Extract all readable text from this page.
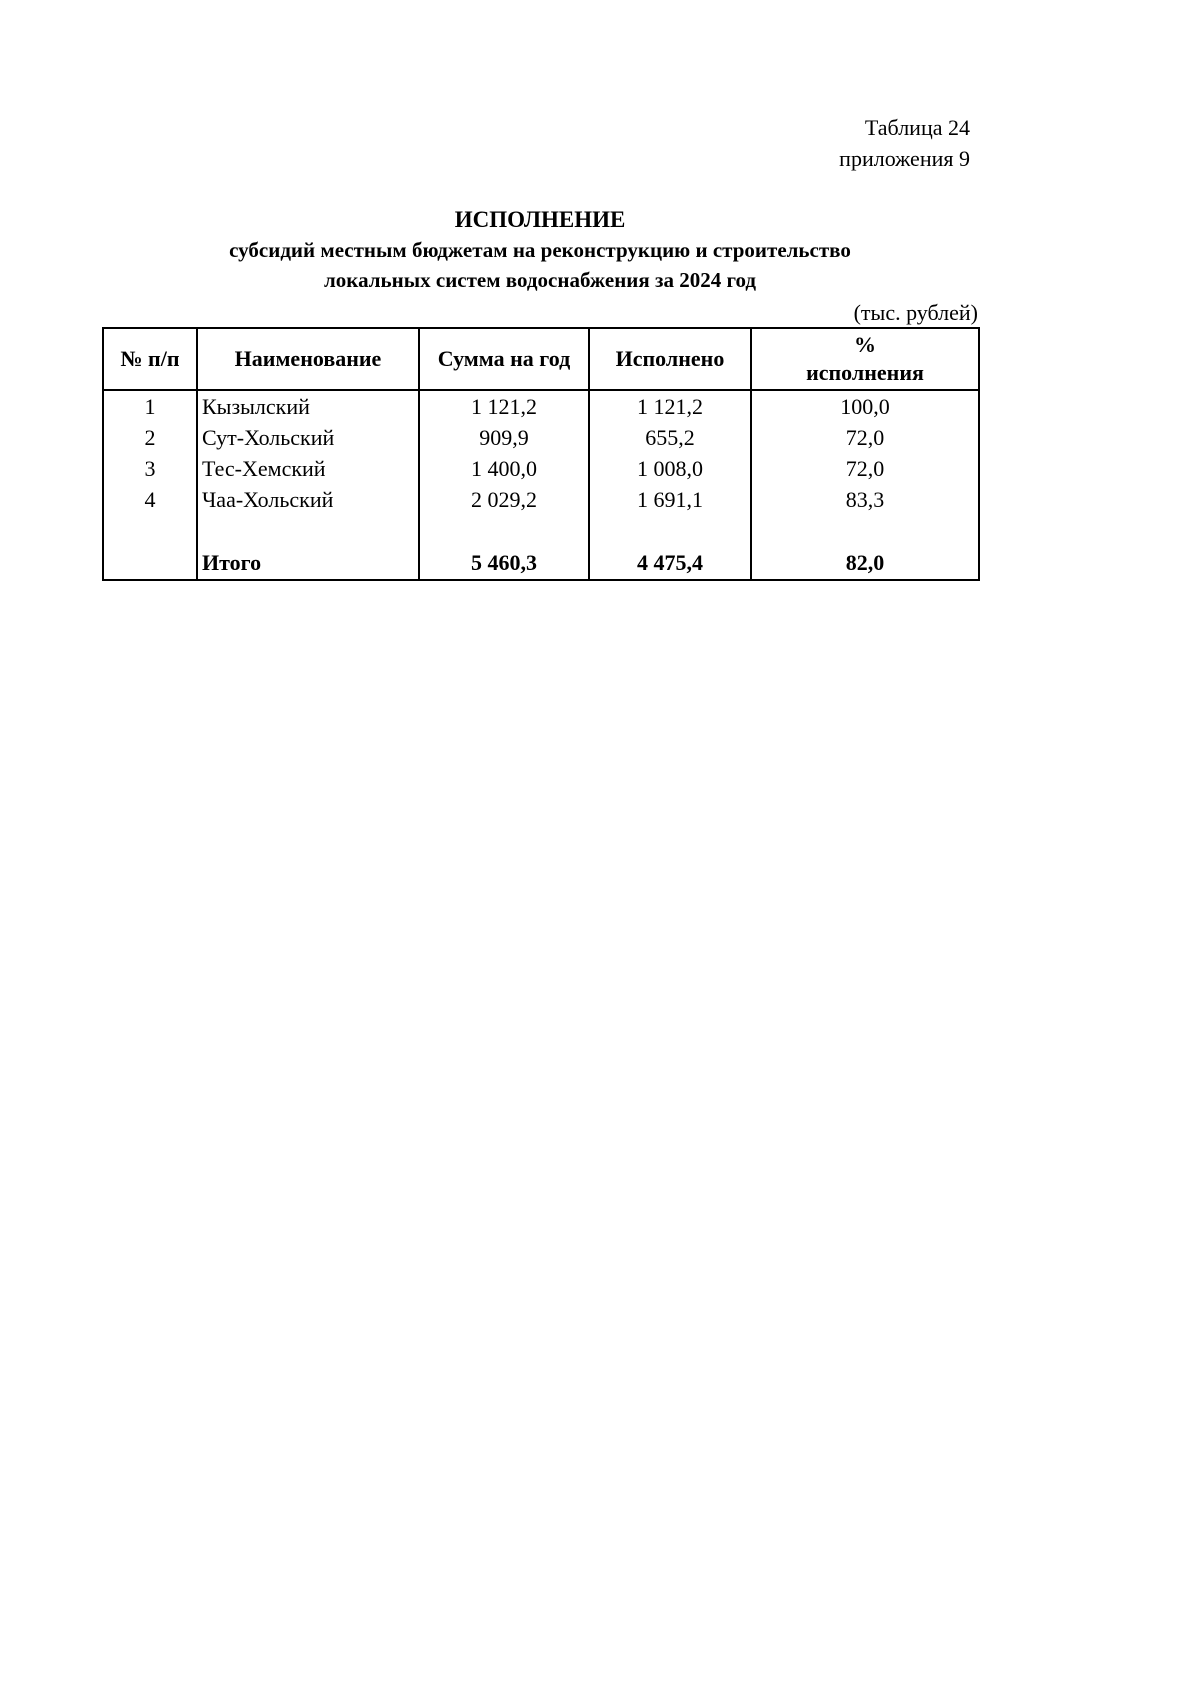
Таблица 24
приложения 9
ИСПОЛНЕНИЕ
субсидий местным бюджетам на реконструкцию и строительство
локальных систем водоснабжения за 2024 год
(тыс. рублей)
№ п/п	Наименование	Сумма на год	Исполнено	%
исполнения

1	Кызылский	1 121,2	1 121,2	100,0
2	Сут-Хольский	909,9	655,2	72,0
3	Тес-Хемский	1 400,0	1 008,0	72,0
4	Чаа-Хольский	2 029,2	1 691,1	83,3

	Итого	5 460,3	4 475,4	82,0
